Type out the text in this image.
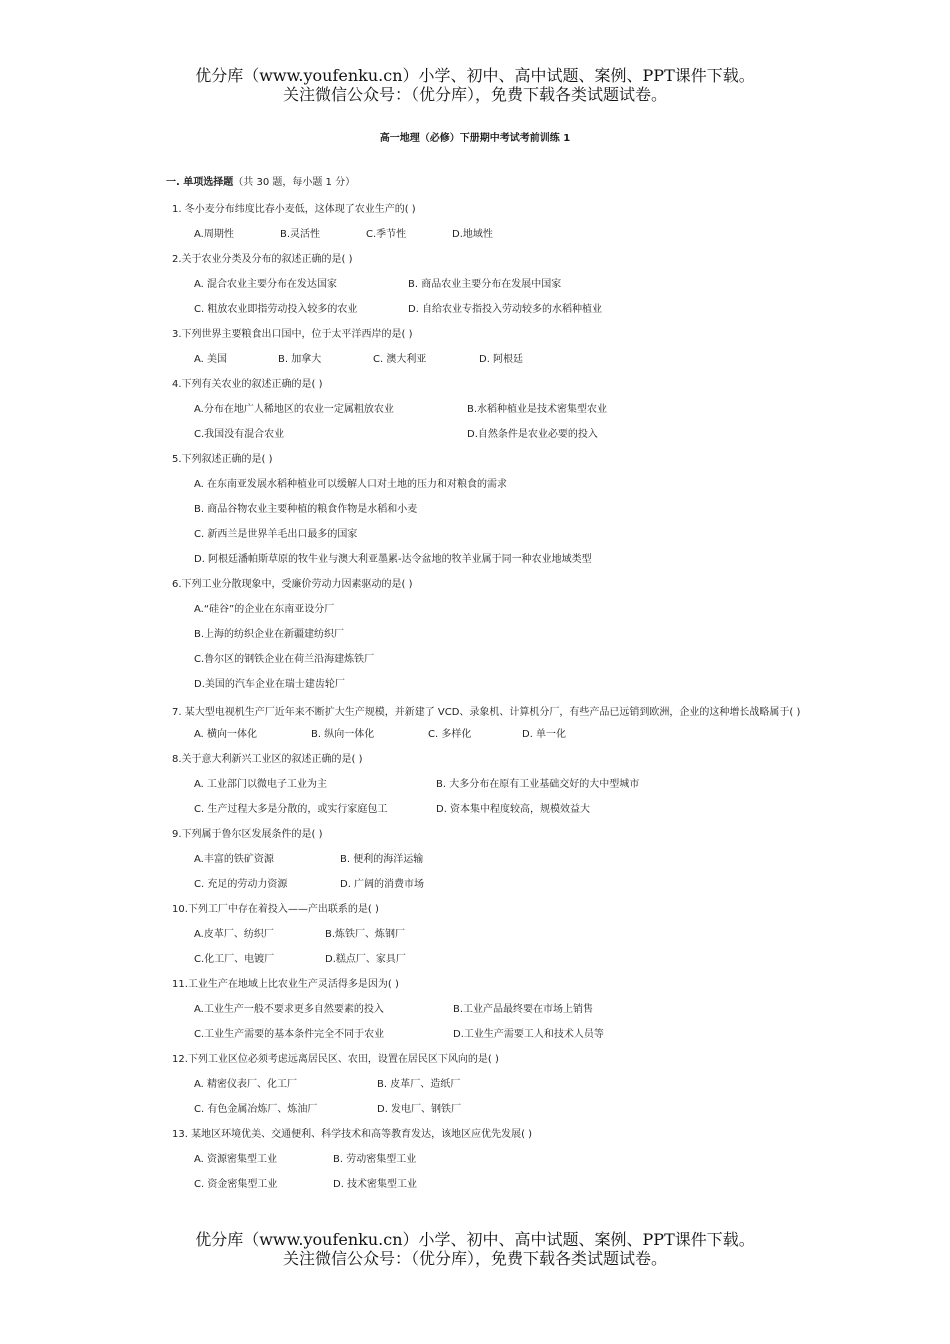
优分库（www.youfenku.cn）小学、初中、高中试题、案例、PPT课件下载。
关注微信公众号：（优分库），免费下载各类试题试卷。
高一地理（必修）下册期中考试考前训练 1
一. 单项选择题（共 30 题，每小题 1 分）
1. 冬小麦分布纬度比春小麦低，这体现了农业生产的( )
A.周期性	B.灵活性	C.季节性	D.地域性
2.关于农业分类及分布的叙述正确的是( )
A. 混合农业主要分布在发达国家	B. 商品农业主要分布在发展中国家
C. 粗放农业即指劳动投入较多的农业	D. 自给农业专指投入劳动较多的水稻种植业
3.下列世界主要粮食出口国中，位于太平洋西岸的是( )
A. 美国	B. 加拿大	C. 澳大利亚	D. 阿根廷
4.下列有关农业的叙述正确的是( )
A.分布在地广人稀地区的农业一定属粗放农业	B.水稻种植业是技术密集型农业
C.我国没有混合农业	D.自然条件是农业必要的投入
5.下列叙述正确的是( )
A. 在东南亚发展水稻种植业可以缓解人口对土地的压力和对粮食的需求
B. 商品谷物农业主要种植的粮食作物是水稻和小麦
C. 新西兰是世界羊毛出口最多的国家
D. 阿根廷潘帕斯草原的牧牛业与澳大利亚墨累-达令盆地的牧羊业属于同一种农业地域类型
6.下列工业分散现象中，受廉价劳动力因素驱动的是( )
A.“硅谷”的企业在东南亚设分厂
B.上海的纺织企业在新疆建纺织厂
C.鲁尔区的钢铁企业在荷兰沿海建炼铁厂
D.美国的汽车企业在瑞士建齿轮厂
7. 某大型电视机生产厂近年来不断扩大生产规模，并新建了 VCD、录象机、计算机分厂，有些产品已远销到欧洲，企业的这种增长战略属于( )
A. 横向一体化	B. 纵向一体化	C. 多样化	D. 单一化
8.关于意大利新兴工业区的叙述正确的是( )
A. 工业部门以微电子工业为主	B. 大多分布在原有工业基础交好的大中型城市
C. 生产过程大多是分散的，或实行家庭包工	D. 资本集中程度较高，规模效益大
9.下列属于鲁尔区发展条件的是( )
A.丰富的铁矿资源	B. 便利的海洋运输
C. 充足的劳动力资源	D. 广阔的消费市场
10.下列工厂中存在着投入——产出联系的是( )
A.皮革厂、纺织厂	B.炼铁厂、炼钢厂
C.化工厂、电镀厂	D.糕点厂、家具厂
11.工业生产在地域上比农业生产灵活得多是因为( )
A.工业生产一般不要求更多自然要素的投入	B.工业产品最终要在市场上销售
C.工业生产需要的基本条件完全不同于农业	D.工业生产需要工人和技术人员等
12.下列工业区位必须考虑远离居民区、农田，设置在居民区下风向的是( )
A. 精密仪表厂、化工厂	B. 皮革厂、造纸厂
C. 有色金属冶炼厂、炼油厂	D. 发电厂、钢铁厂
13. 某地区环境优美、交通便利、科学技术和高等教育发达，该地区应优先发展( )
A. 资源密集型工业	B. 劳动密集型工业
C. 资金密集型工业	D. 技术密集型工业
优分库（www.youfenku.cn）小学、初中、高中试题、案例、PPT课件下载。
关注微信公众号：（优分库），免费下载各类试题试卷。
